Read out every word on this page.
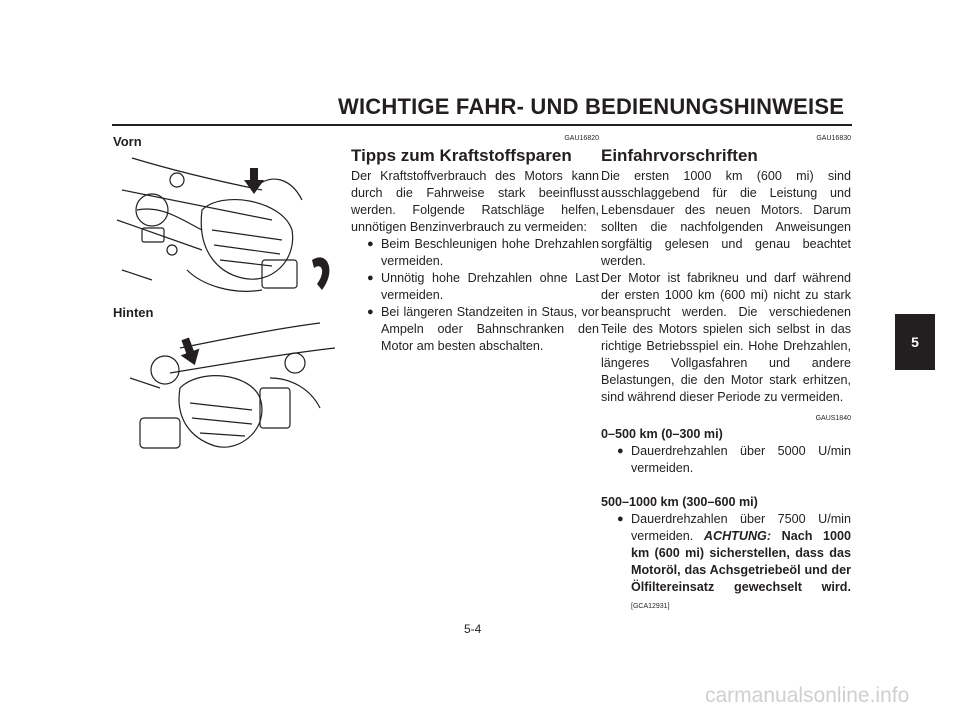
WICHTIGE FAHR- UND BEDIENUNGSHINWEISE
5
Vorn
Hinten
GAU16820
Tipps zum Kraftstoffsparen

Der Kraftstoffverbrauch des Motors kann durch die Fahrweise stark beeinflusst werden. Folgende Ratschläge helfen, unnötigen Benzinverbrauch zu vermeiden:

● Beim Beschleunigen hohe Drehzahlen vermeiden.
● Unnötig hohe Drehzahlen ohne Last vermeiden.
● Bei längeren Standzeiten in Staus, vor Ampeln oder Bahnschranken den Motor am besten abschalten.
GAU16830
Einfahrvorschriften

Die ersten 1000 km (600 mi) sind ausschlaggebend für die Leistung und Lebensdauer des neuen Motors. Darum sollten die nachfolgenden Anweisungen sorgfältig gelesen und genau beachtet werden.

Der Motor ist fabrikneu und darf während der ersten 1000 km (600 mi) nicht zu stark beansprucht werden. Die verschiedenen Teile des Motors spielen sich selbst in das richtige Betriebsspiel ein. Hohe Drehzahlen, längeres Vollgasfahren und andere Belastungen, die den Motor stark erhitzen, sind während dieser Periode zu vermeiden.

GAUS1840
0–500 km (0–300 mi)
● Dauerdrehzahlen über 5000 U/min vermeiden.
500–1000 km (300–600 mi)
● Dauerdrehzahlen über 7500 U/min vermeiden. ACHTUNG: Nach 1000 km (600 mi) sicherstellen, dass das Motoröl, das Achsgetriebeöl und der Ölfiltereinsatz gewechselt wird. [GCA12931]
5-4
carmanualsonline.info
